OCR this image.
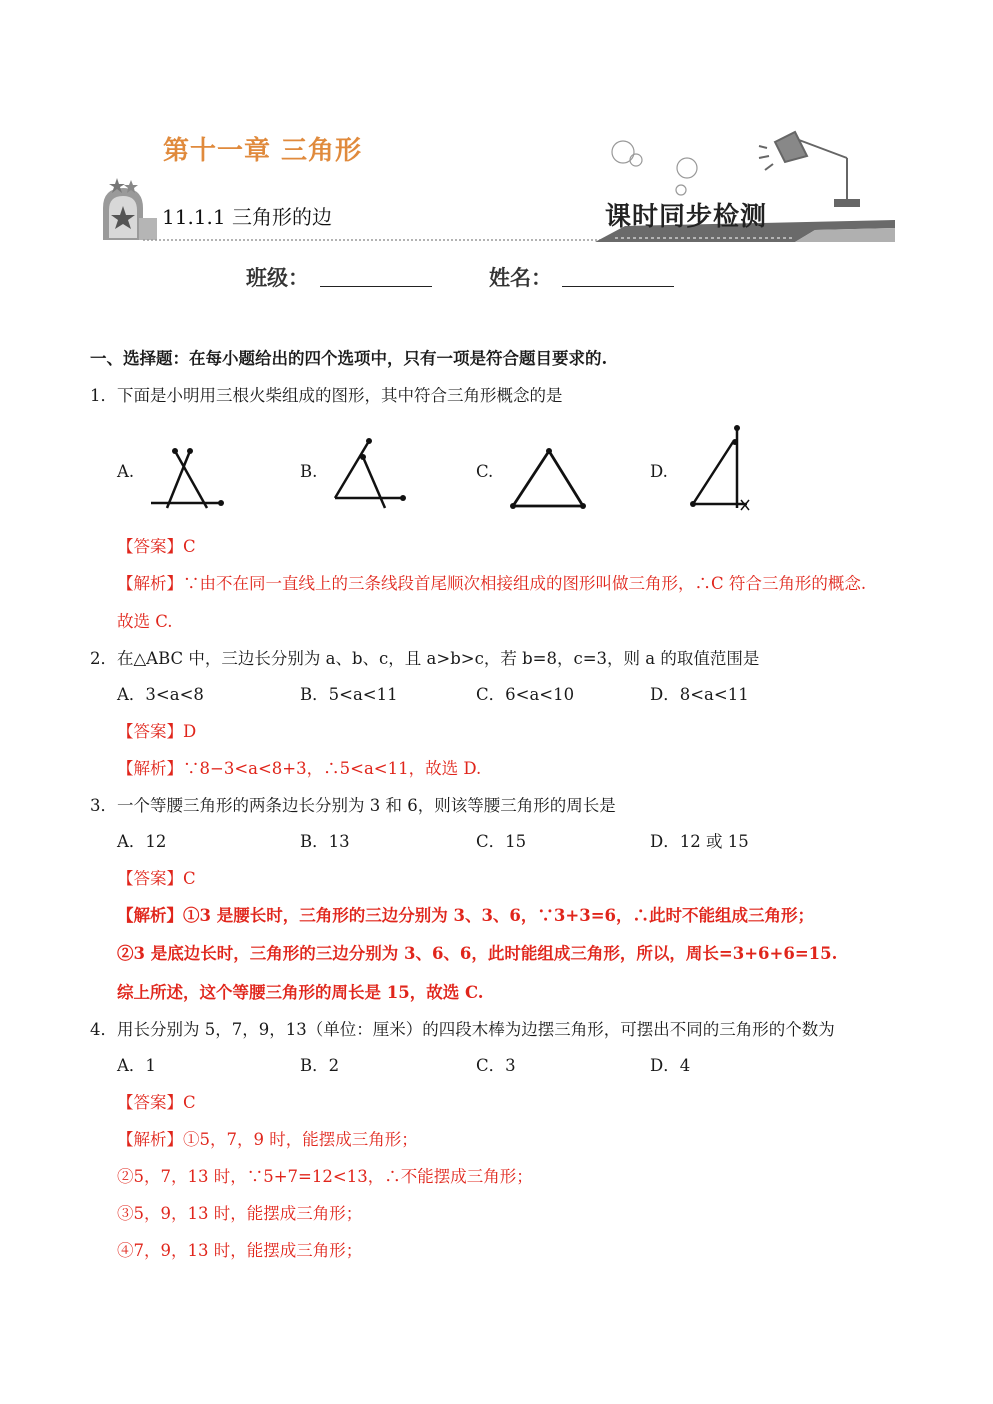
第十一章 三角形
11.1.1 三角形的边	课时同步检测
班级：	姓名：
一、选择题：在每小题给出的四个选项中，只有一项是符合题目要求的.
1．下面是小明用三根火柴组成的图形，其中符合三角形概念的是
A.	B.	C.	D.
【答案】C
【解析】∵由不在同一直线上的三条线段首尾顺次相接组成的图形叫做三角形，∴C 符合三角形的概念.
故选 C.
2．在△ABC 中，三边长分别为 a、b、c，且 a>b>c，若 b=8，c=3，则 a 的取值范围是
A．3<a<8	B．5<a<11	C．6<a<10	D．8<a<11
【答案】D
【解析】∵8−3<a<8+3，∴5<a<11，故选 D.
3．一个等腰三角形的两条边长分别为 3 和 6，则该等腰三角形的周长是
A．12	B．13	C．15	D．12 或 15
【答案】C
【解析】①3 是腰长时，三角形的三边分别为 3、3、6，∵3+3=6，∴此时不能组成三角形；
②3 是底边长时，三角形的三边分别为 3、6、6，此时能组成三角形，所以，周长=3+6+6=15.
综上所述，这个等腰三角形的周长是 15，故选 C.
4．用长分别为 5，7，9，13（单位：厘米）的四段木棒为边摆三角形，可摆出不同的三角形的个数为
A．1	B．2	C．3	D．4
【答案】C
【解析】①5，7，9 时，能摆成三角形；
②5，7，13 时，∵5+7=12<13，∴不能摆成三角形；
③5，9，13 时，能摆成三角形；
④7，9，13 时，能摆成三角形；
